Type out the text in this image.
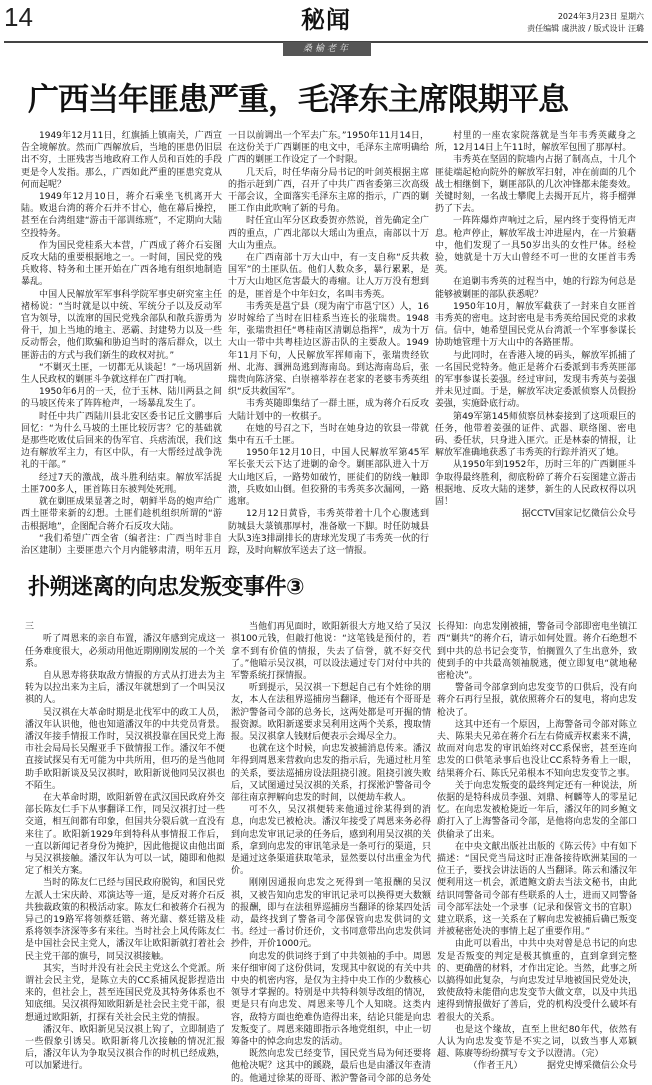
14	秘闻
桑榆老年
2024年3月23日 星期六
责任编辑 虞洪波 / 版式设计 汪璐
广西当年匪患严重，毛泽东主席限期平息

1949年12月11日，红旗插上镇南关，广西宣告全境解放。然而广西解放后，当地的匪患仍旧层出不穷，土匪残害当地政府工作人员和百姓的手段更是令人发指。那么，广西如此严重的匪患究竟从何而起呢？

1949年12月10日，蒋介石乘坐飞机离开大陆。败退台湾的蒋介石并不甘心，他在幕后操控，甚至在台湾组建“游击干部训练班”，不定期向大陆空投特务。

作为国民党桂系大本营，广西成了蒋介石妄图反攻大陆的重要根据地之一。一时间，国民党的残兵败将、特务和土匪开始在广西各地有组织地制造暴乱。

中国人民解放军军事科学院军事史研究室主任褚杨说：“当时就是以中统、军统分子以及反动军官为领导，以流窜的国民党残余部队和散兵游勇为骨干，加上当地的地主、恶霸、封建势力以及一些反动帮会，他们欺骗和胁迫当时的落后群众，以土匪游击的方式与我们新生的政权对抗。”

“不剿灭土匪，一切都无从谈起！”一场巩固新生人民政权的剿匪斗争就这样在广西打响。

1950年6月的一天，位于玉林、陆川两县之间的马坡区传来了阵阵枪声，一场暴乱发生了。

时任中共广西陆川县北安区委书记丘文鹏事后回忆：“为什么马坡的土匪比较厉害？它的基础就是那些吃败仗后回来的伪军官、兵痞流氓，我们这边有解放军主力，有区中队，有一大帮经过战争洗礼的干部。”

经过7天的激战，战斗胜利结束。解放军活捉土匪700多人，匪首陈日东被判处死刑。

就在剿匪成果显著之时，朝鲜半岛的炮声给广西土匪带来新的幻想。土匪们趁机组织所谓的“游击根据地”，企图配合蒋介石反攻大陆。

“我们希望广西全省（编者注：广西当时非自治区建制）主要匪患六个月内能够肃清，明年五月一日以前调出一个军去广东。”1950年11月14日，在这份关于广西剿匪的电文中，毛泽东主席明确给广西的剿匪工作设定了一个时限。

几天后，时任华南分局书记的叶剑英根据主席的指示赶到广西，召开了中共广西省委第三次高级干部会议，全面落实毛泽东主席的指示，广西的剿匪工作由此吹响了新的号角。

时任宜山军分区政委贺亦然说，首先确定全广西的重点，广西北部以大瑶山为重点，南部以十万大山为重点。

在广西南部十万大山中，有一支自称“反共救国军”的土匪队伍。他们人数众多，暴行累累，是十万大山地区危害最大的毒瘤。让人万万没有想到的是，匪首是个中年妇女，名叫韦秀英。

韦秀英是邕宁县（现为南宁市邕宁区）人，16岁时嫁给了当时在旧桂系当连长的张瑞贵。1948年，张瑞贵担任“粤桂南区清剿总指挥”，成为十万大山一带中共粤桂边区游击队的主要敌人。1949年11月下旬，人民解放军挥师南下，张瑞贵经钦州、北海、涠洲岛逃到海南岛。到达海南岛后，张瑞贵向陈济棠、白崇禧举荐在老家的老婆韦秀英组织“反共救国军”。

韦秀英随即集结了一群土匪，成为蒋介石反攻大陆计划中的一枚棋子。

在她的号召之下，当时在她身边的钦县一带就集中有五千土匪。

1950年12月10日，中国人民解放军第45军军长张天云下达了进剿的命令。剿匪部队进入十万大山地区后，一路势如破竹，匪徒们的防线一触即溃，兵败如山倒。但狡猾的韦秀英多次漏网，一路逃窜。

12月12日黄昏，韦秀英带着十几个心腹逃到防城县大菉镇那厚村，准备歇一下脚。时任防城县大队3连3排副排长的唐球光发现了韦秀英一伙的行踪，及时向解放军送去了这一情报。

村里的一座农家院落就是当年韦秀英藏身之所，12月14日上午11时，解放军包围了那厚村。

韦秀英在坚固的院墙内占据了制高点，十几个匪徒端起枪向院外的解放军扫射，冲在前面的几个战士相继倒下，剿匪部队的几次冲锋都未能奏效。关键时刻，一名战士攀爬上去揭开瓦片，将手榴弹扔了下去。

一阵阵爆炸声响过之后，屋内终于变得悄无声息。枪声停止，解放军战士冲进屋内，在一片狼藉中，他们发现了一具50岁出头的女性尸体。经检验，她就是十万大山曾经不可一世的女匪首韦秀英。

在追剿韦秀英的过程当中，她的行踪为何总是能够被剿匪的部队获悉呢？

1950年10月，解放军截获了一封来自女匪首韦秀英的密电。这封密电是韦秀英给国民党的求救信。信中，她希望国民党从台湾派一个军事参谋长协助她管理十万大山中的各路匪帮。

与此同时，在香港入境的码头，解放军抓捕了一名国民党特务。他正是蒋介石委派到韦秀英匪部的军事参谋长姜强。经过审问，发现韦秀英与姜强并未见过面。于是，解放军决定委派侦察人员假扮姜强，实施卧底行动。

第49军第145师侦察员林泰接到了这项艰巨的任务，他带着姜强的证件、武器、联络图、密电码、委任状，只身进入匪穴。正是林泰的情报，让解放军准确地获悉了韦秀英的行踪并消灭了她。

从1950年到1952年，历时三年的广西剿匪斗争取得最终胜利，彻底粉碎了蒋介石妄图建立游击根据地、反攻大陆的迷梦，新生的人民政权得以巩固！

据CCTV国家记忆微信公众号

扑朔迷离的向忠发叛变事件③

三

听了周恩来的亲自布置，潘汉年感到完成这一任务难度很大，必须动用他近期刚刚发展的一个关系。

自从恩寿将获取敌方情报的方式从打进去为主转为以拉出来为主后，潘汉年就想到了一个叫吴汉祺的人。

吴汉祺在大革命时期是北伐军中的政工人员，潘汉年认识他，他也知道潘汉年的中共党员背景。潘汉年接手情报工作时，吴汉祺投靠在国民党上海市社会局局长吴醒亚手下做情报工作。潘汉年不便直接试探吴有无可能为中共所用，但巧的是当他同助手欧阳新谈及吴汉祺时，欧阳新说他同吴汉祺也不陌生。

在大革命时期，欧阳新曾在武汉国民政府外交部长陈友仁手下从事翻译工作，同吴汉祺打过一些交道，相互间都有印象，但国共分裂后就一直没有来往了。欧阳新1929年到特科从事情报工作后，一直以新闻记者身份为掩护，因此他提议由他出面与吴汉祺接触。潘汉年认为可以一试，随即和他拟定了相关方案。

当时的陈友仁已经与国民政府脱钩，和国民党左派人士宋庆龄、邓演达等一道，是反对蒋介石反共独裁政策的积极活动家。陈友仁和被蒋介石视为异己的19路军将领蔡廷锴、蒋光鼐、蔡廷锴及桂系将领李济深等多有来往。当时社会上风传陈友仁是中国社会民主党人，潘汉年让欧阳新就打着社会民主党干部的旗号，同吴汉祺接触。

其实，当时并没有社会民主党这么个党派。所谓社会民主党，是陈立夫的CC系捕风捉影捏造出来的，但社会上，甚至连国民党及其特务体系也不知底细。吴汉祺得知欧阳新是社会民主党干部，很想通过欧阳新，打探有关社会民主党的情报。

潘汉年、欧阳新见吴汉祺上钩了，立即制造了一些假象引诱吴。欧阳新将几次接触的情况汇报后，潘汉年认为争取吴汉祺合作的时机已经成熟，可以加紧进行。

当他们再见面时，欧阳新很大方地又给了吴汉祺100元钱，但敲打他说：“这笔钱是预付的，若拿不到有价值的情报，失去了信誉，就不好交代了。”他暗示吴汉祺，可以设法通过专门对付中共的军警系统打探情报。

听到提示，吴汉祺一下想起自己有个姓徐的朋友，本人在法租界巡捕房当翻译，他还有个哥哥是淞沪警备司令部的总务长，这两处都是可开掘的情报资源。欧阳新遂要求吴利用这两个关系，搜取情报。吴汉祺拿人钱财后便表示会竭尽全力。

也就在这个时候，向忠发被捕消息传来。潘汉年得到周恩来营救向忠发的指示后，先通过杜月笙的关系，要法巡捕房设法阻挠引渡。阻挠引渡失败后，又试图通过吴汉祺的关系，打探淞沪警备司令部往南京押解向忠发的时间，以便劫车救人。

可不久，吴汉祺便转来他通过徐某得到的消息，向忠发已被枪决。潘汉年接受了周恩来务必得到向忠发审讯记录的任务后，感到利用吴汉祺的关系，拿到向忠发的审讯笔录是一条可行的渠道，只是通过这条渠道获取笔录，显然要以付出重金为代价。

刚刚因通报向忠发之死得到一笔报酬的吴汉祺，又被告知向忠发的审讯记录可以换得更大数额的报酬，即与在法租界巡捕房当翻译的徐某四处活动，最终找到了警备司令部保管向忠发供词的文书。经过一番讨价还价，文书同意带出向忠发供词抄件，开价1000元。

向忠发的供词终于到了中共领袖的手中。周恩来仔细审阅了这份供词，发现其中叙说的有关中共中央的机密内容，是仅为主持中央工作的少数核心领导才掌握的。特别是中共特科领导改组的情况，更是只有向忠发、周恩来等几个人知晓。这类内容，敌特方面也绝难伪造得出来，结论只能是向忠发叛变了。周恩来随即指示各地党组织，中止一切筹备中的悼念向忠发的活动。

既然向忠发已经变节，国民党当局为何还要将他枪决呢？这其中的蹊跷，最后也是由潘汉年查清的。他通过徐某的哥哥、淞沪警备司令部的总务处长得知：向忠发刚被捕，警备司令部即密电坐镇江西“剿共”的蒋介石，请示如何处置。蒋介石绝想不到中共的总书记会变节，怕搁置久了生出意外，致使到手的中共最高领袖脱逃，便立即复电“就地秘密枪决”。

警备司令部拿到向忠发变节的口供后，没有向蒋介石再行呈报，就依照蒋介石的复电，将向忠发枪决了。

这其中还有一个原因，上海警备司令部对陈立夫、陈果夫兄弟在蒋介石左右倚威弄权素来不满，故而对向忠发的审讯始终对CC系保密，甚至连向忠发的口供笔录事后也没让CC系特务看上一眼，结果蒋介石、陈氏兄弟根本不知向忠发变节之事。

关于向忠发叛变的最终判定还有一种说法，所依据的是特科成员李强、刘鼎、柯麟等人的零星记忆。在向忠发被枪毙近一年后，潘汉年的同乡鲍文蔚打入了上海警备司令部，是他将向忠发的全部口供偷录了出来。

在中央文献出版社出版的《陈云传》中有如下描述：“国民党当局这时正准备接待欧洲某国的一位王子，要找会讲法语的人当翻译。陈云和潘汉年便利用这一机会，派遣鲍文蔚去当法文秘书，由此结识同警备司令部有些联系的人士，进而又同警备司令部军法处一个录事（记录和保管文书的官职）建立联系，这一关系在了解向忠发被捕后确已叛变并被秘密处决的事情上起了重要作用。”

由此可以看出，中共中央对曾是总书记的向忠发是否叛变的判定是极其慎重的，直到拿到完整的、更确凿的材料，才作出定论。当然，此事之所以搞得如此复杂，与向忠发过早地被国民党处决，致使敌特未能借向忠发变节大做文章，以及中共迅速得到情报做好了善后，党的机构没受什么破坏有着很大的关系。

也是这个缘故，直至上世纪80年代，依然有人认为向忠发变节是不实之词，以致当事人邓颖超、陈赓等纷纷撰写专文予以澄清。（完）

（作者王凡）	据党史博采微信公众号
